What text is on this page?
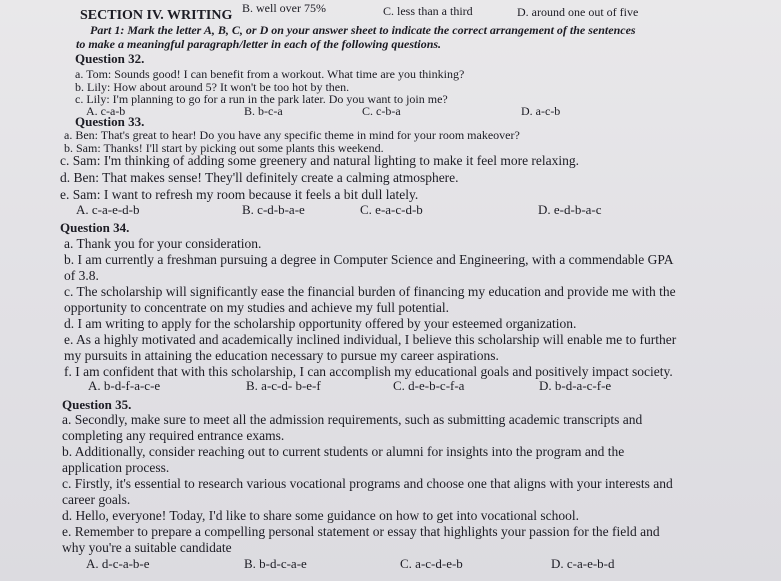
B. well over 75%	C. less than a third	D. around one out of five
SECTION IV. WRITING
Part 1: Mark the letter A, B, C, or D on your answer sheet to indicate the correct arrangement of the sentences
to make a meaningful paragraph/letter in each of the following questions.
Question 32.
a. Tom: Sounds good! I can benefit from a workout. What time are you thinking?
b. Lily: How about around 5? It won't be too hot by then.
c. Lily: I'm planning to go for a run in the park later. Do you want to join me?
A. c-a-b	B. b-c-a	C. c-b-a	D. a-c-b
Question 33.
a. Ben: That's great to hear! Do you have any specific theme in mind for your room makeover?
b. Sam: Thanks! I'll start by picking out some plants this weekend.
c. Sam: I'm thinking of adding some greenery and natural lighting to make it feel more relaxing.
d. Ben: That makes sense! They'll definitely create a calming atmosphere.
e. Sam: I want to refresh my room because it feels a bit dull lately.
A. c-a-e-d-b	B. c-d-b-a-e	C. e-a-c-d-b	D. e-d-b-a-c
Question 34.
a. Thank you for your consideration.
b. I am currently a freshman pursuing a degree in Computer Science and Engineering, with a commendable GPA
of 3.8.
c. The scholarship will significantly ease the financial burden of financing my education and provide me with the
opportunity to concentrate on my studies and achieve my full potential.
d. I am writing to apply for the scholarship opportunity offered by your esteemed organization.
e. As a highly motivated and academically inclined individual, I believe this scholarship will enable me to further
my pursuits in attaining the education necessary to pursue my career aspirations.
f. I am confident that with this scholarship, I can accomplish my educational goals and positively impact society.
A. b-d-f-a-c-e	B. a-c-d- b-e-f	C. d-e-b-c-f-a	D. b-d-a-c-f-e
Question 35.
a. Secondly, make sure to meet all the admission requirements, such as submitting academic transcripts and
completing any required entrance exams.
b. Additionally, consider reaching out to current students or alumni for insights into the program and the
application process.
c. Firstly, it's essential to research various vocational programs and choose one that aligns with your interests and
career goals.
d. Hello, everyone! Today, I'd like to share some guidance on how to get into vocational school.
e. Remember to prepare a compelling personal statement or essay that highlights your passion for the field and
why you're a suitable candidate
A. d-c-a-b-e	B. b-d-c-a-e	C. a-c-d-e-b	D. c-a-e-b-d
